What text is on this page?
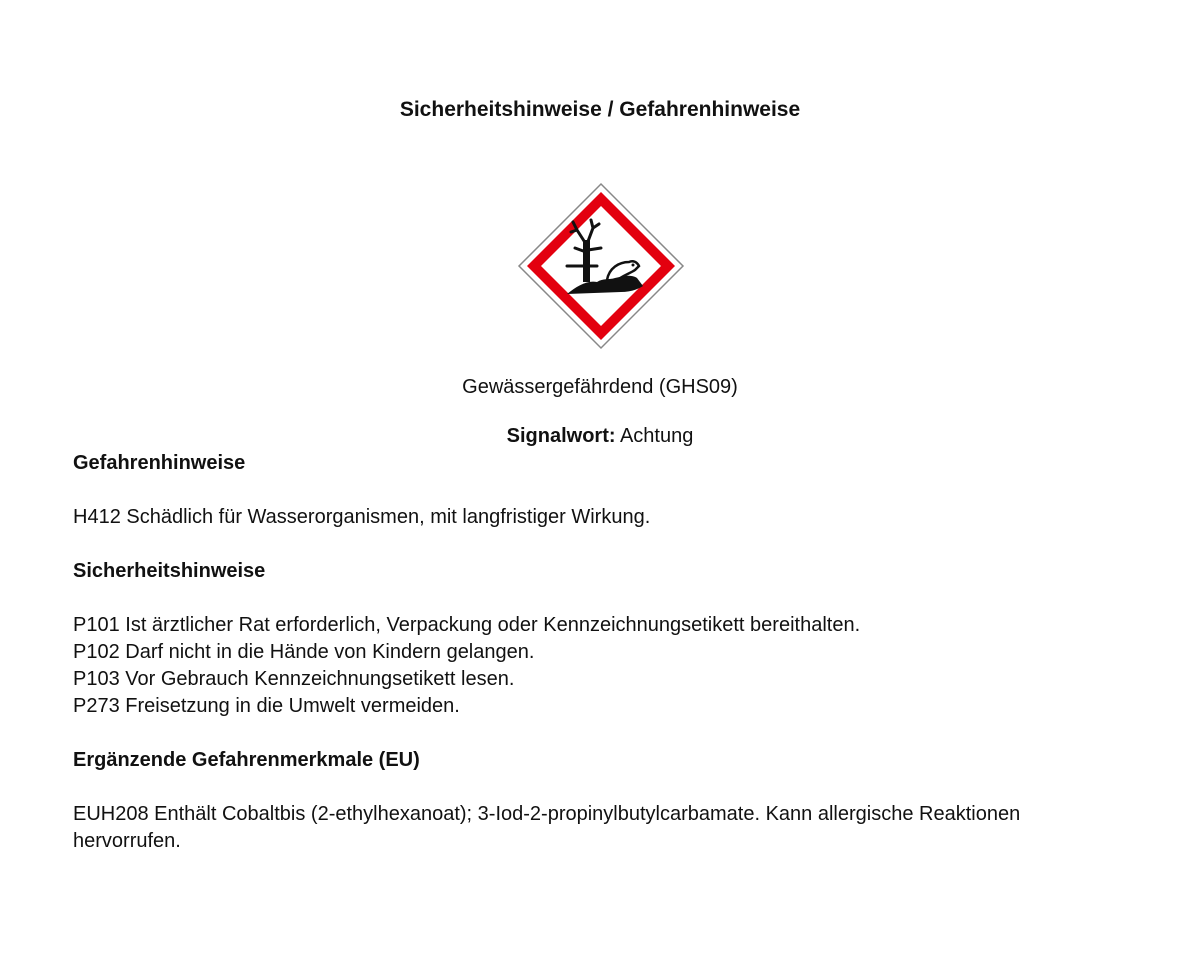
Sicherheitshinweise / Gefahrenhinweise
Gewässergefährdend (GHS09)
Signalwort: Achtung
Gefahrenhinweise
H412 Schädlich für Wasserorganismen, mit langfristiger Wirkung.
Sicherheitshinweise
P101 Ist ärztlicher Rat erforderlich, Verpackung oder Kennzeichnungsetikett bereithalten.
P102 Darf nicht in die Hände von Kindern gelangen.
P103 Vor Gebrauch Kennzeichnungsetikett lesen.
P273 Freisetzung in die Umwelt vermeiden.
Ergänzende Gefahrenmerkmale (EU)
EUH208 Enthält Cobaltbis (2-ethylhexanoat); 3-Iod-2-propinylbutylcarbamate. Kann allergische Reaktionen
hervorrufen.
